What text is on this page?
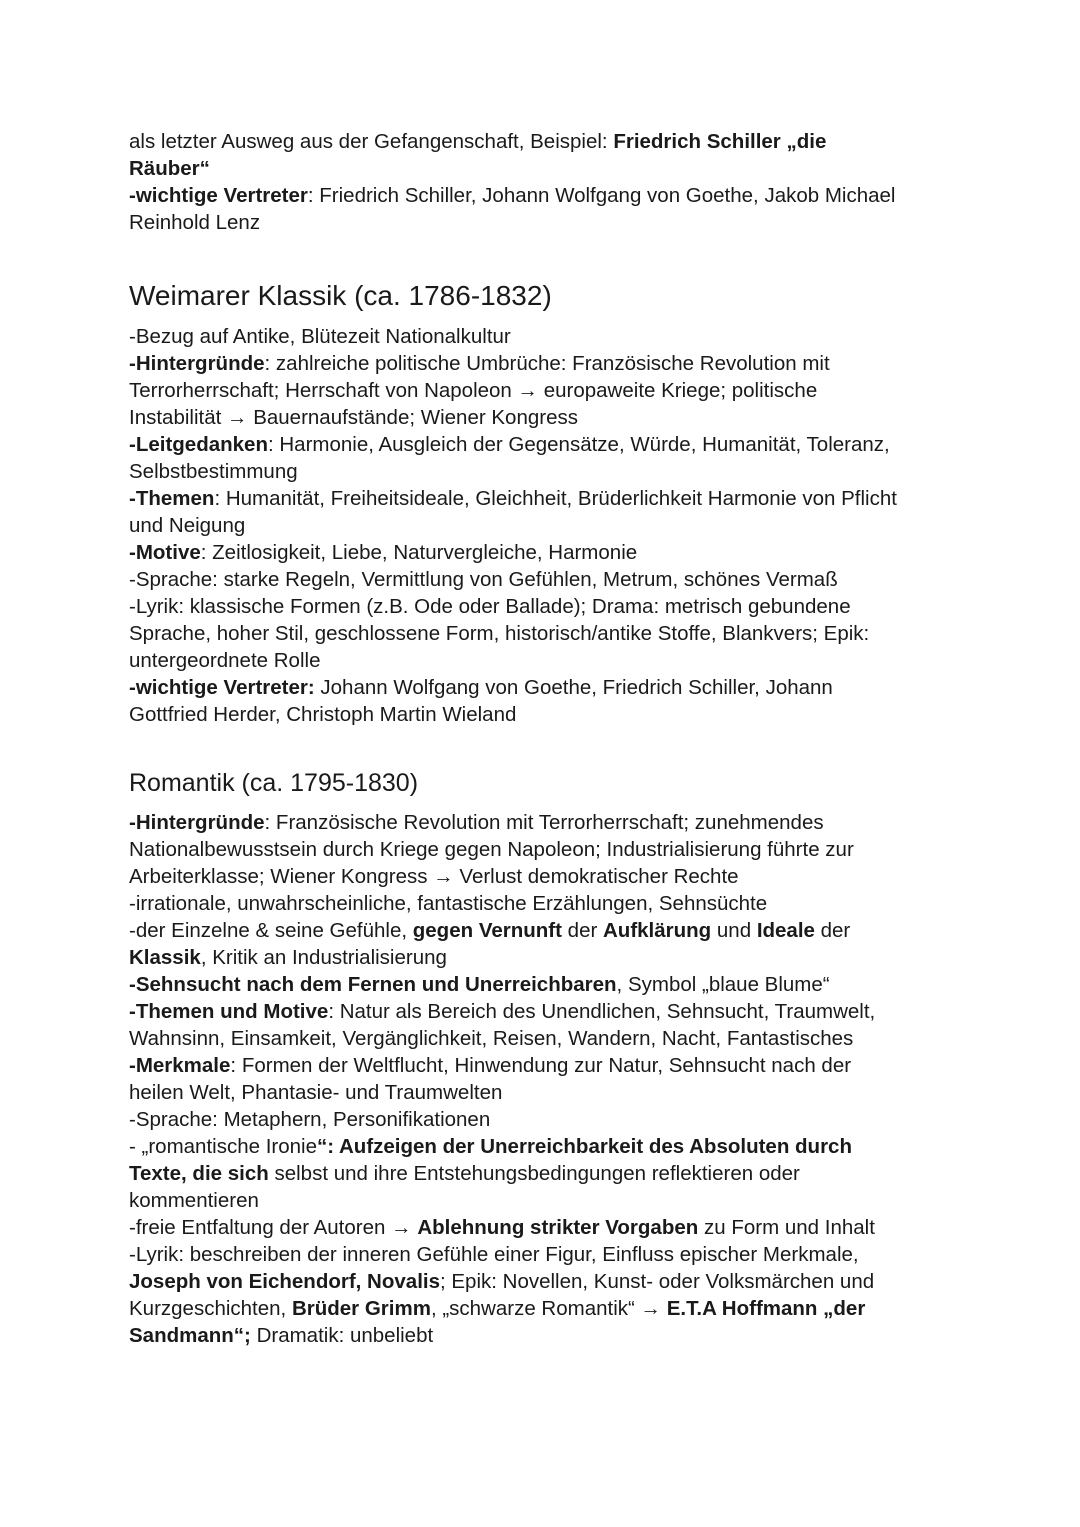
als letzter Ausweg aus der Gefangenschaft, Beispiel: Friedrich Schiller „die
Räuber“
-wichtige Vertreter: Friedrich Schiller, Johann Wolfgang von Goethe, Jakob Michael
Reinhold Lenz
Weimarer Klassik (ca. 1786-1832)
-Bezug auf Antike, Blütezeit Nationalkultur
-Hintergründe: zahlreiche politische Umbrüche: Französische Revolution mit
Terrorherrschaft; Herrschaft von Napoleon → europaweite Kriege; politische
Instabilität → Bauernaufstände; Wiener Kongress
-Leitgedanken: Harmonie, Ausgleich der Gegensätze, Würde, Humanität, Toleranz,
Selbstbestimmung
-Themen: Humanität, Freiheitsideale, Gleichheit, Brüderlichkeit Harmonie von Pflicht
und Neigung
-Motive: Zeitlosigkeit, Liebe, Naturvergleiche, Harmonie
-Sprache: starke Regeln, Vermittlung von Gefühlen, Metrum, schönes Vermaß
-Lyrik: klassische Formen (z.B. Ode oder Ballade); Drama: metrisch gebundene
Sprache, hoher Stil, geschlossene Form, historisch/antike Stoffe, Blankvers; Epik:
untergeordnete Rolle
-wichtige Vertreter: Johann Wolfgang von Goethe, Friedrich Schiller, Johann
Gottfried Herder, Christoph Martin Wieland
Romantik (ca. 1795-1830)
-Hintergründe: Französische Revolution mit Terrorherrschaft; zunehmendes
Nationalbewusstsein durch Kriege gegen Napoleon; Industrialisierung führte zur
Arbeiterklasse; Wiener Kongress → Verlust demokratischer Rechte
-irrationale, unwahrscheinliche, fantastische Erzählungen, Sehnsüchte
-der Einzelne & seine Gefühle, gegen Vernunft der Aufklärung und Ideale der
Klassik, Kritik an Industrialisierung
-Sehnsucht nach dem Fernen und Unerreichbaren, Symbol „blaue Blume“
-Themen und Motive: Natur als Bereich des Unendlichen, Sehnsucht, Traumwelt,
Wahnsinn, Einsamkeit, Vergänglichkeit, Reisen, Wandern, Nacht, Fantastisches
-Merkmale: Formen der Weltflucht, Hinwendung zur Natur, Sehnsucht nach der
heilen Welt, Phantasie- und Traumwelten
-Sprache: Metaphern, Personifikationen
- „romantische Ironie“: Aufzeigen der Unerreichbarkeit des Absoluten durch
Texte, die sich selbst und ihre Entstehungsbedingungen reflektieren oder
kommentieren
-freie Entfaltung der Autoren → Ablehnung strikter Vorgaben zu Form und Inhalt
-Lyrik: beschreiben der inneren Gefühle einer Figur, Einfluss epischer Merkmale,
Joseph von Eichendorf, Novalis; Epik: Novellen, Kunst- oder Volksmärchen und
Kurzgeschichten, Brüder Grimm, „schwarze Romantik“ → E.T.A Hoffmann „der
Sandmann“; Dramatik: unbeliebt
